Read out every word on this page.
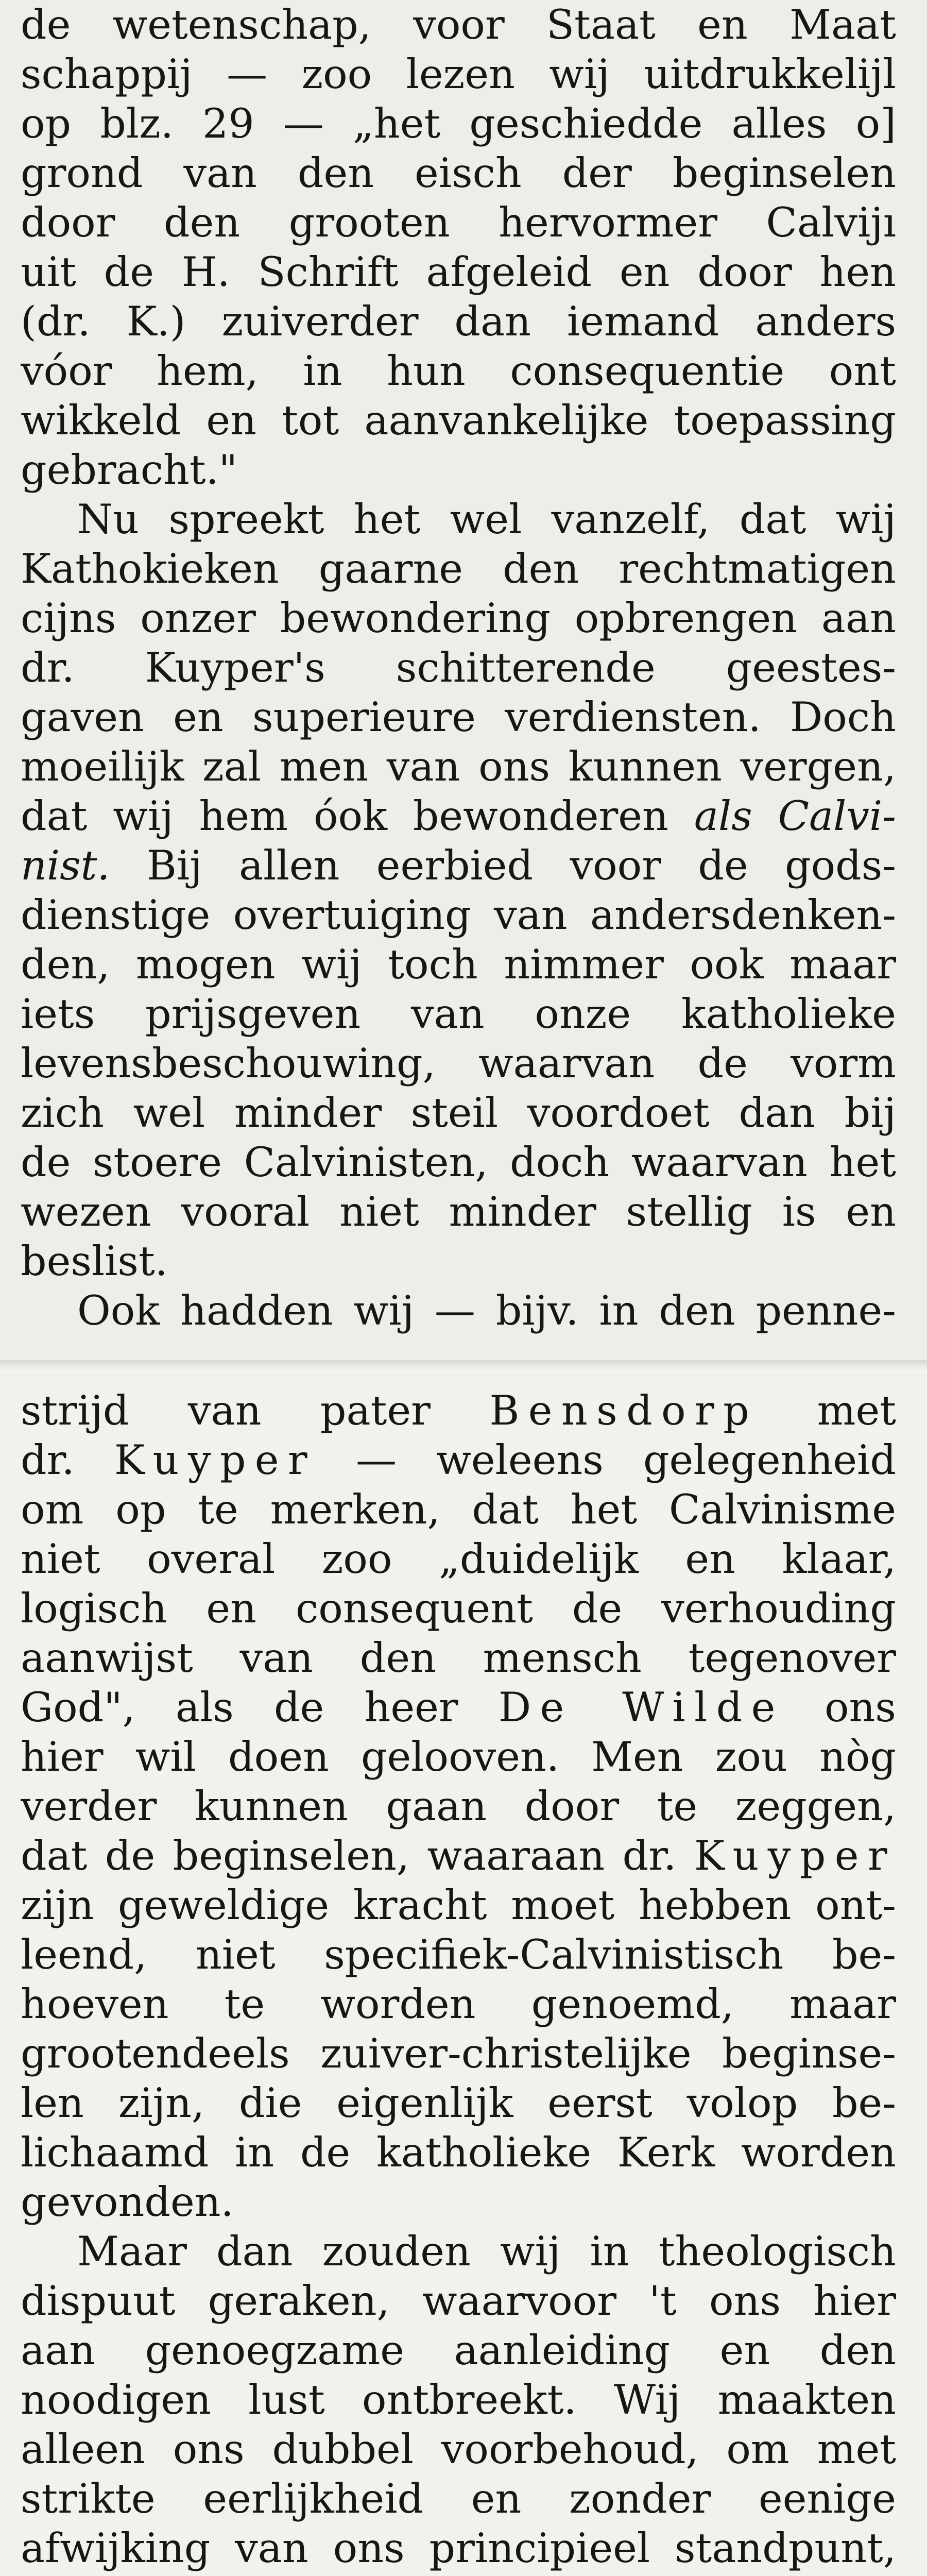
de wetenschap, voor Staat en Maat
schappij — zoo lezen wij uitdrukkelijl
op blz. 29 — „het geschiedde alles o]
grond van den eisch der beginselen
door den grooten hervormer Calvijı
uit de H. Schrift afgeleid en door hen
(dr. K.) zuiverder dan iemand anders
vóor hem, in hun consequentie ont
wikkeld en tot aanvankelijke toepassing
gebracht."
Nu spreekt het wel vanzelf, dat wij
Kathokieken gaarne den rechtmatigen
cijns onzer bewondering opbrengen aan
dr. Kuyper's schitterende geestes-
gaven en superieure verdiensten. Doch
moeilijk zal men van ons kunnen vergen,
dat wij hem óok bewonderen als Calvi-
nist. Bij allen eerbied voor de gods-
dienstige overtuiging van andersdenken-
den, mogen wij toch nimmer ook maar
iets prijsgeven van onze katholieke
levensbeschouwing, waarvan de vorm
zich wel minder steil voordoet dan bij
de stoere Calvinisten, doch waarvan het
wezen vooral niet minder stellig is en
beslist.
Ook hadden wij — bijv. in den penne-
strijd van pater Bensdorp met
dr. Kuyper — weleens gelegenheid
om op te merken, dat het Calvinisme
niet overal zoo „duidelijk en klaar,
logisch en consequent de verhouding
aanwijst van den mensch tegenover
God", als de heer De Wilde ons
hier wil doen gelooven. Men zou nòg
verder kunnen gaan door te zeggen,
dat de beginselen, waaraan dr. Kuyper
zijn geweldige kracht moet hebben ont-
leend, niet specifiek-Calvinistisch be-
hoeven te worden genoemd, maar
grootendeels zuiver-christelijke beginse-
len zijn, die eigenlijk eerst volop be-
lichaamd in de katholieke Kerk worden
gevonden.
Maar dan zouden wij in theologisch
dispuut geraken, waarvoor 't ons hier
aan genoegzame aanleiding en den
noodigen lust ontbreekt. Wij maakten
alleen ons dubbel voorbehoud, om met
strikte eerlijkheid en zonder eenige
afwijking van ons principieel standpunt,
